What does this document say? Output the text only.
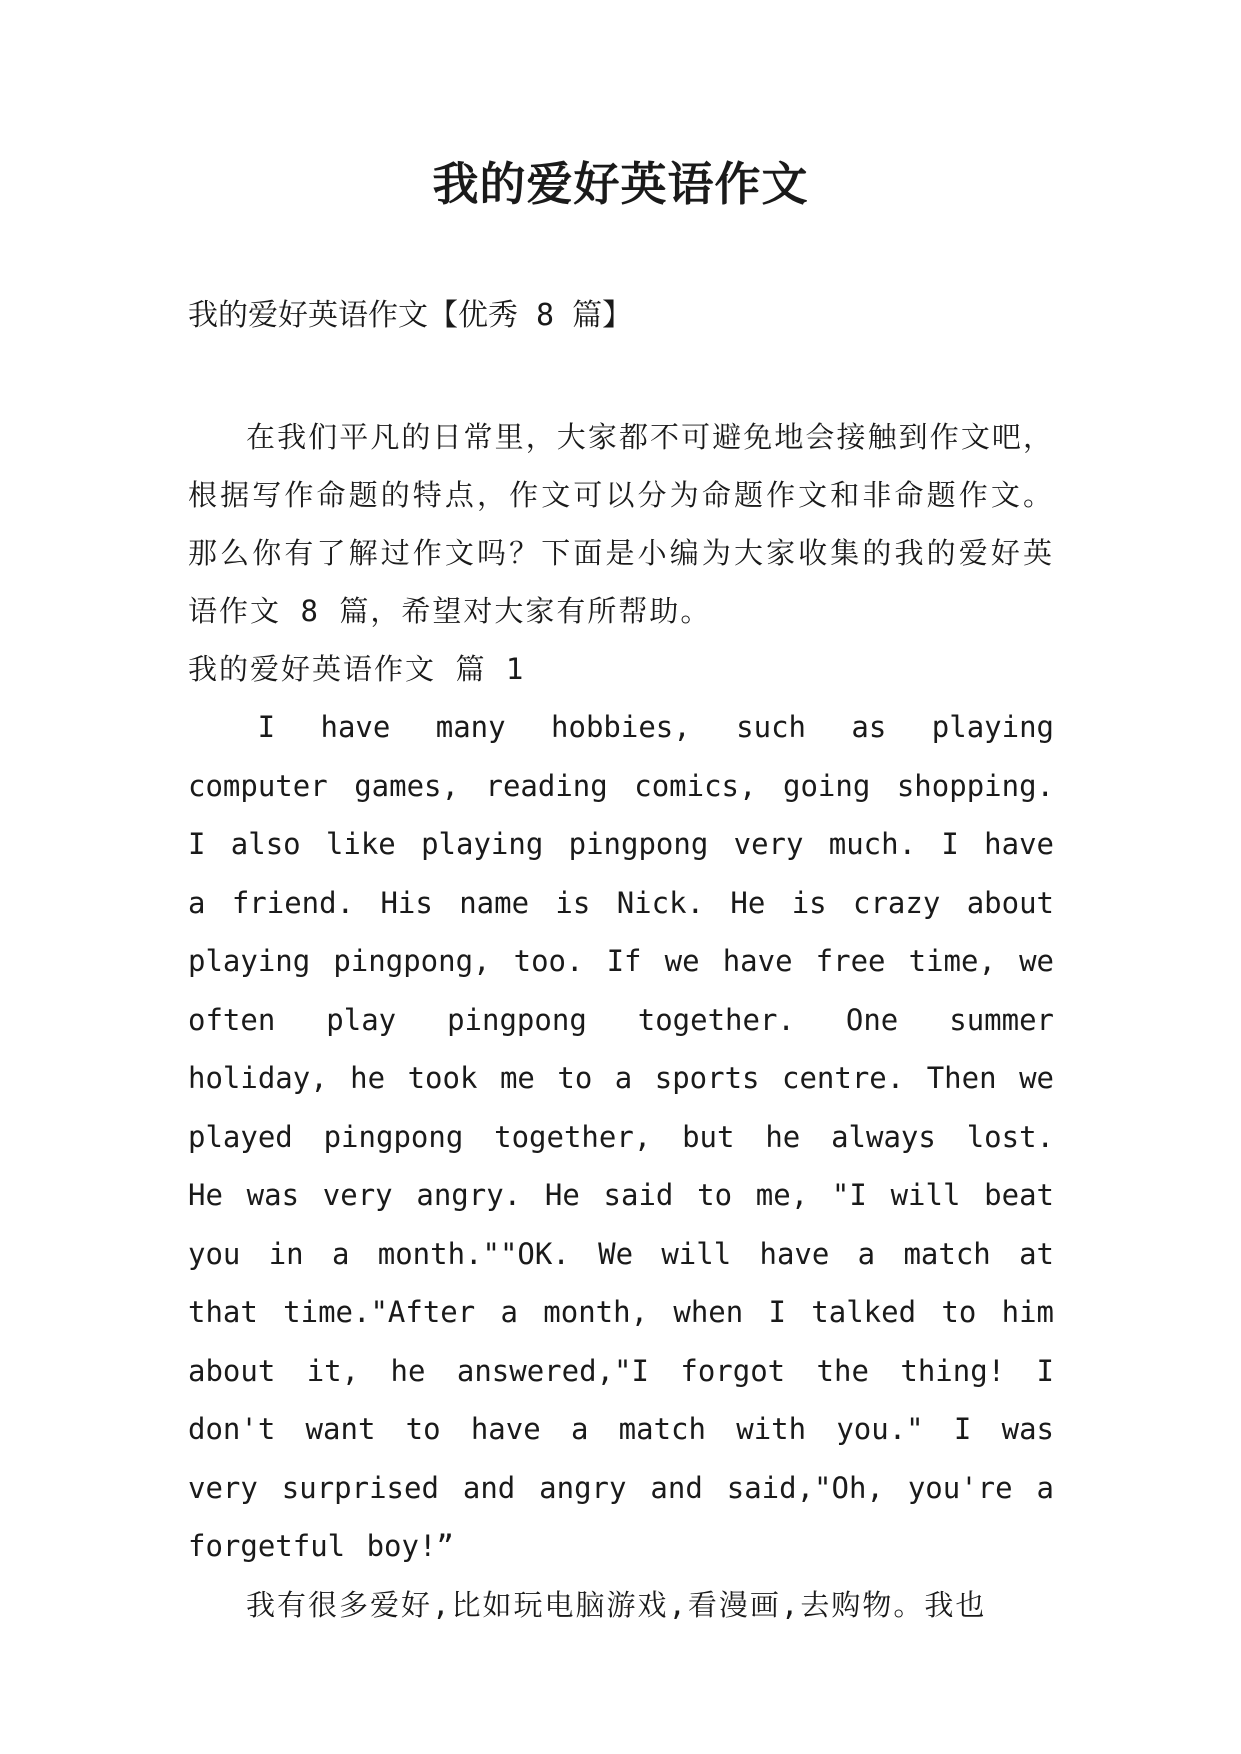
我的爱好英语作文

我的爱好英语作文【优秀 8 篇】

在我们平凡的日常里，大家都不可避免地会接触到作文吧，根据写作命题的特点，作文可以分为命题作文和非命题作文。那么你有了解过作文吗？下面是小编为大家收集的我的爱好英语作文 8 篇，希望对大家有所帮助。

我的爱好英语作文 篇 1

I have many hobbies, such as playing computer games, reading comics, going shopping. I also like playing pingpong very much. I have a friend. His name is Nick. He is crazy about playing pingpong, too. If we have free time, we often play pingpong together. One summer holiday, he took me to a sports centre. Then we played pingpong together, but he always lost. He was very angry. He said to me, "I will beat you in a month.""OK. We will have a match at that time."After a month, when I talked to him about it, he answered,"I forgot the thing! I don't want to have a match with you." I was very surprised and angry and said,"Oh, you're a forgetful boy!”

我有很多爱好,比如玩电脑游戏,看漫画,去购物。我也
